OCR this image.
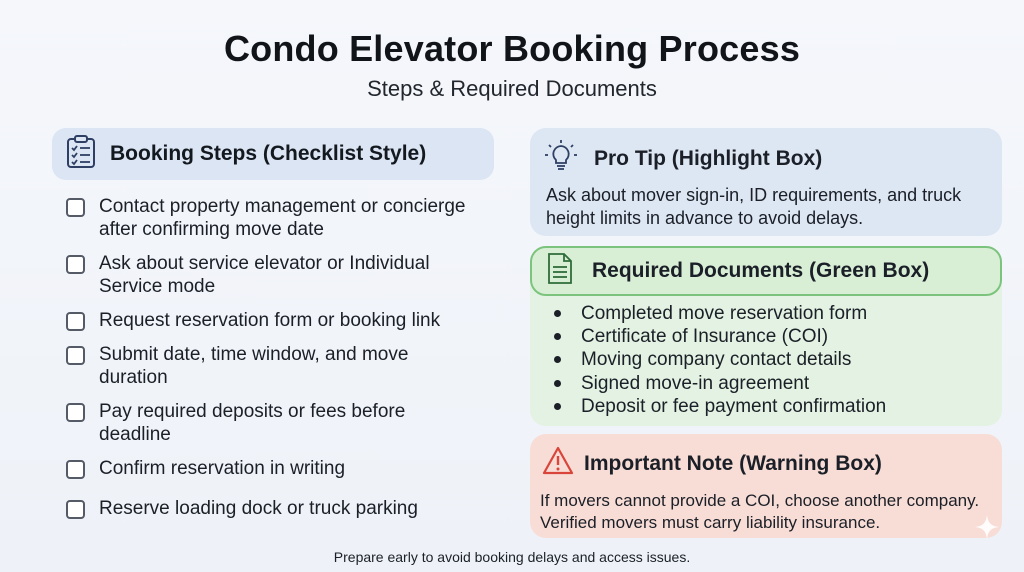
Condo Elevator Booking Process
Steps & Required Documents
Booking Steps (Checklist Style)
Contact property management or concierge after confirming move date
Ask about service elevator or Individual Service mode
Request reservation form or booking link
Submit date, time window, and move duration
Pay required deposits or fees before deadline
Confirm reservation in writing
Reserve loading dock or truck parking
Pro Tip (Highlight Box)
Ask about mover sign-in, ID requirements, and truck height limits in advance to avoid delays.
Required Documents (Green Box)
Completed move reservation form
Certificate of Insurance (COI)
Moving company contact details
Signed move-in agreement
Deposit or fee payment confirmation
Important Note (Warning Box)
If movers cannot provide a COI, choose another company. Verified movers must carry liability insurance.
Prepare early to avoid booking delays and access issues.
